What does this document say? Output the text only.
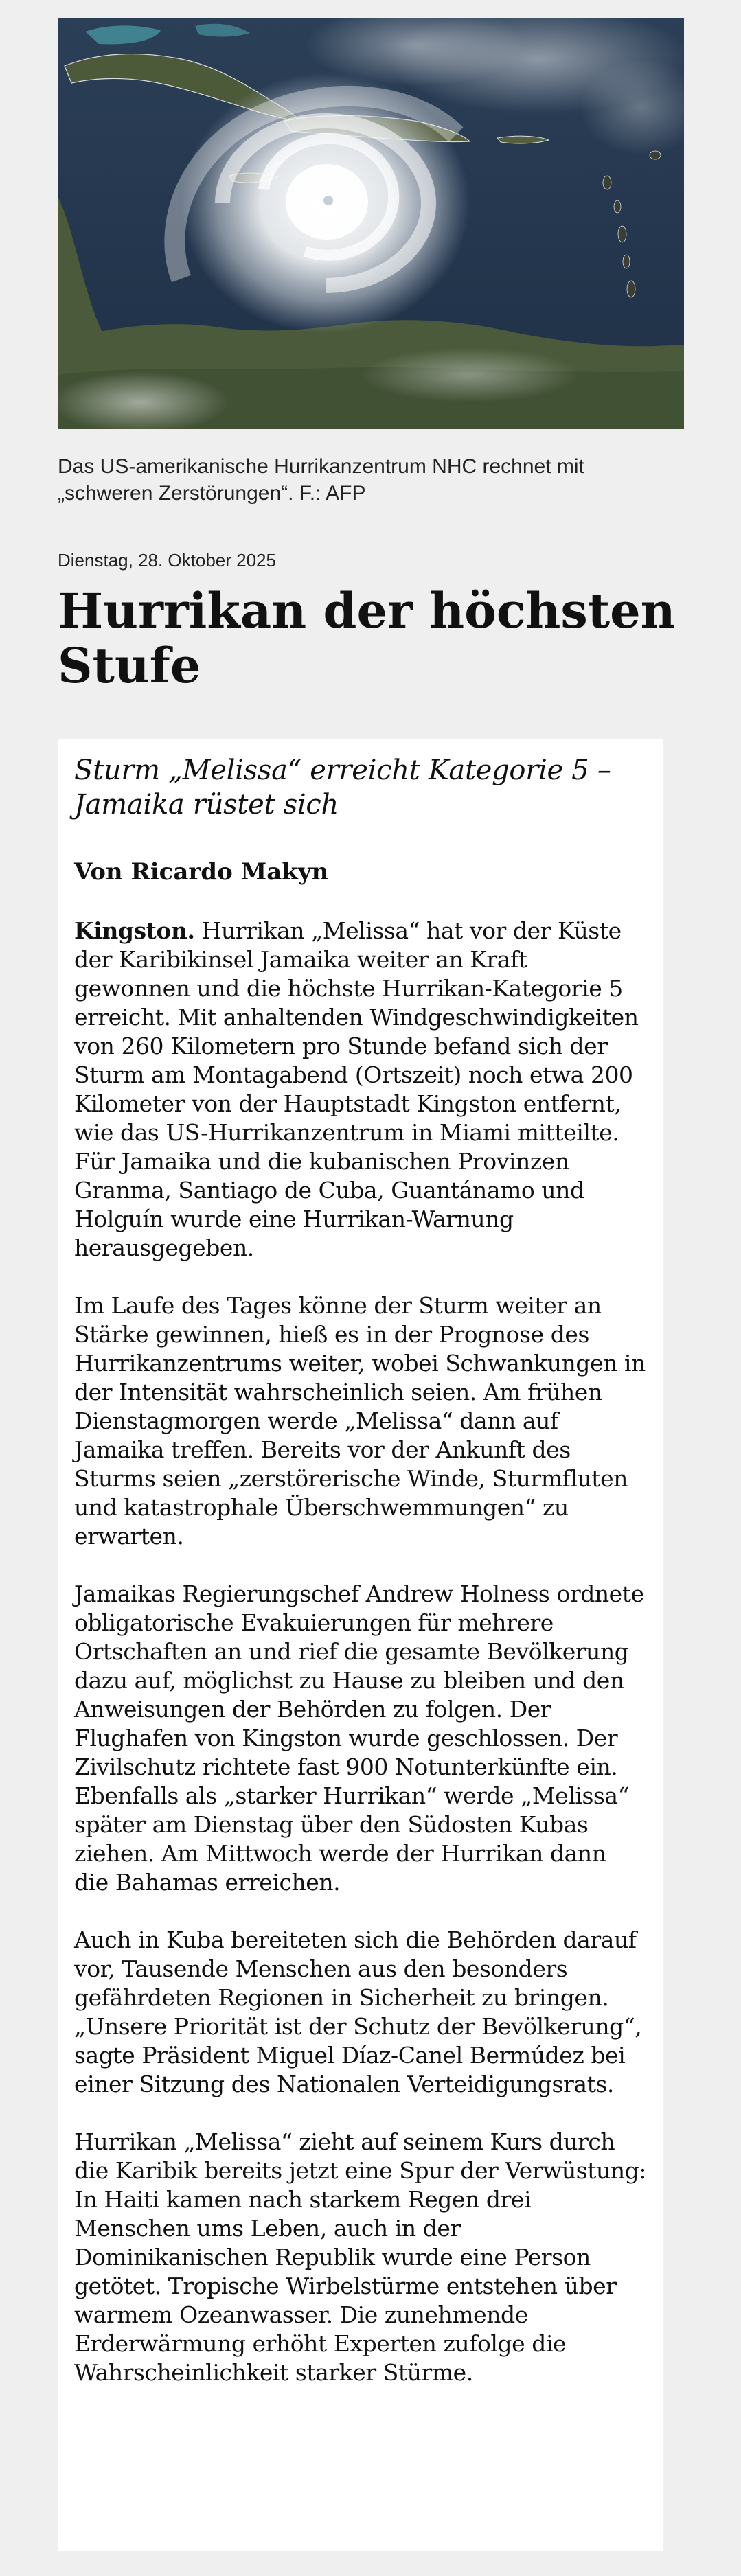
Das US-amerikanische Hurrikanzentrum NHC rechnet mit „schweren Zerstörungen“. F.: AFP

Dienstag, 28. Oktober 2025
Hurrikan der höchsten Stufe
Sturm „Melissa“ erreicht Kategorie 5 – Jamaika rüstet sich

Von Ricardo Makyn

Kingston. Hurrikan „Melissa“ hat vor der Küste der Karibikinsel Jamaika weiter an Kraft gewonnen und die höchste Hurrikan-Kategorie 5 erreicht. Mit anhaltenden Windgeschwindigkeiten von 260 Kilometern pro Stunde befand sich der Sturm am Montagabend (Ortszeit) noch etwa 200 Kilometer von der Hauptstadt Kingston entfernt, wie das US-Hurrikanzentrum in Miami mitteilte. Für Jamaika und die kubanischen Provinzen Granma, Santiago de Cuba, Guantánamo und Holguín wurde eine Hurrikan-Warnung herausgegeben.

Im Laufe des Tages könne der Sturm weiter an Stärke gewinnen, hieß es in der Prognose des Hurrikanzentrums weiter, wobei Schwankungen in der Intensität wahrscheinlich seien. Am frühen Dienstagmorgen werde „Melissa“ dann auf Jamaika treffen. Bereits vor der Ankunft des Sturms seien „zerstörerische Winde, Sturmfluten und katastrophale Überschwemmungen“ zu erwarten.

Jamaikas Regierungschef Andrew Holness ordnete obligatorische Evakuierungen für mehrere Ortschaften an und rief die gesamte Bevölkerung dazu auf, möglichst zu Hause zu bleiben und den Anweisungen der Behörden zu folgen. Der Flughafen von Kingston wurde geschlossen. Der Zivilschutz richtete fast 900 Notunterkünfte ein. Ebenfalls als „starker Hurrikan“ werde „Melissa“ später am Dienstag über den Südosten Kubas ziehen. Am Mittwoch werde der Hurrikan dann die Bahamas erreichen.

Auch in Kuba bereiteten sich die Behörden darauf vor, Tausende Menschen aus den besonders gefährdeten Regionen in Sicherheit zu bringen. „Unsere Priorität ist der Schutz der Bevölkerung“, sagte Präsident Miguel Díaz-Canel Bermúdez bei einer Sitzung des Nationalen Verteidigungsrats.

Hurrikan „Melissa“ zieht auf seinem Kurs durch die Karibik bereits jetzt eine Spur der Verwüstung: In Haiti kamen nach starkem Regen drei Menschen ums Leben, auch in der Dominikanischen Republik wurde eine Person getötet. Tropische Wirbelstürme entstehen über warmem Ozeanwasser. Die zunehmende Erderwärmung erhöht Experten zufolge die Wahrscheinlichkeit starker Stürme.
